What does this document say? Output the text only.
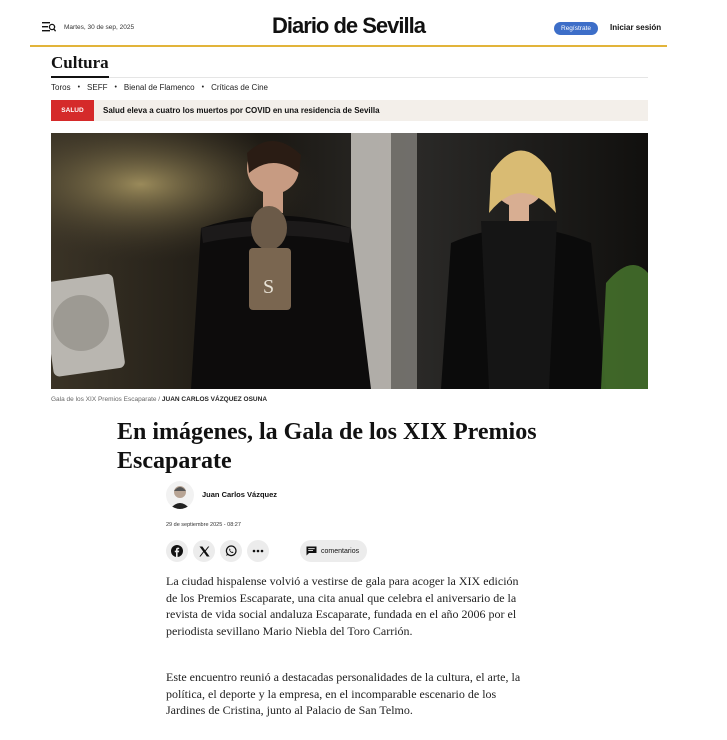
Martes, 30 de sep, 2025	Diario de Sevilla	Regístrate	Iniciar sesión
Cultura
Toros • SEFF • Bienal de Flamenco • Críticas de Cine
SALUD	Salud eleva a cuatro los muertos por COVID en una residencia de Sevilla
S
Gala de los XIX Premios Escaparate / JUAN CARLOS VÁZQUEZ OSUNA
En imágenes, la Gala de los XIX Premios Escaparate
Juan Carlos Vázquez
29 de septiembre 2025 - 08:27
comentarios

La ciudad hispalense volvió a vestirse de gala para acoger la XIX edición de los Premios Escaparate, una cita anual que celebra el aniversario de la revista de vida social andaluza Escaparate, fundada en el año 2006 por el periodista sevillano Mario Niebla del Toro Carrión.

Este encuentro reunió a destacadas personalidades de la cultura, el arte, la política, el deporte y la empresa, en el incomparable escenario de los Jardines de Cristina, junto al Palacio de San Telmo.
